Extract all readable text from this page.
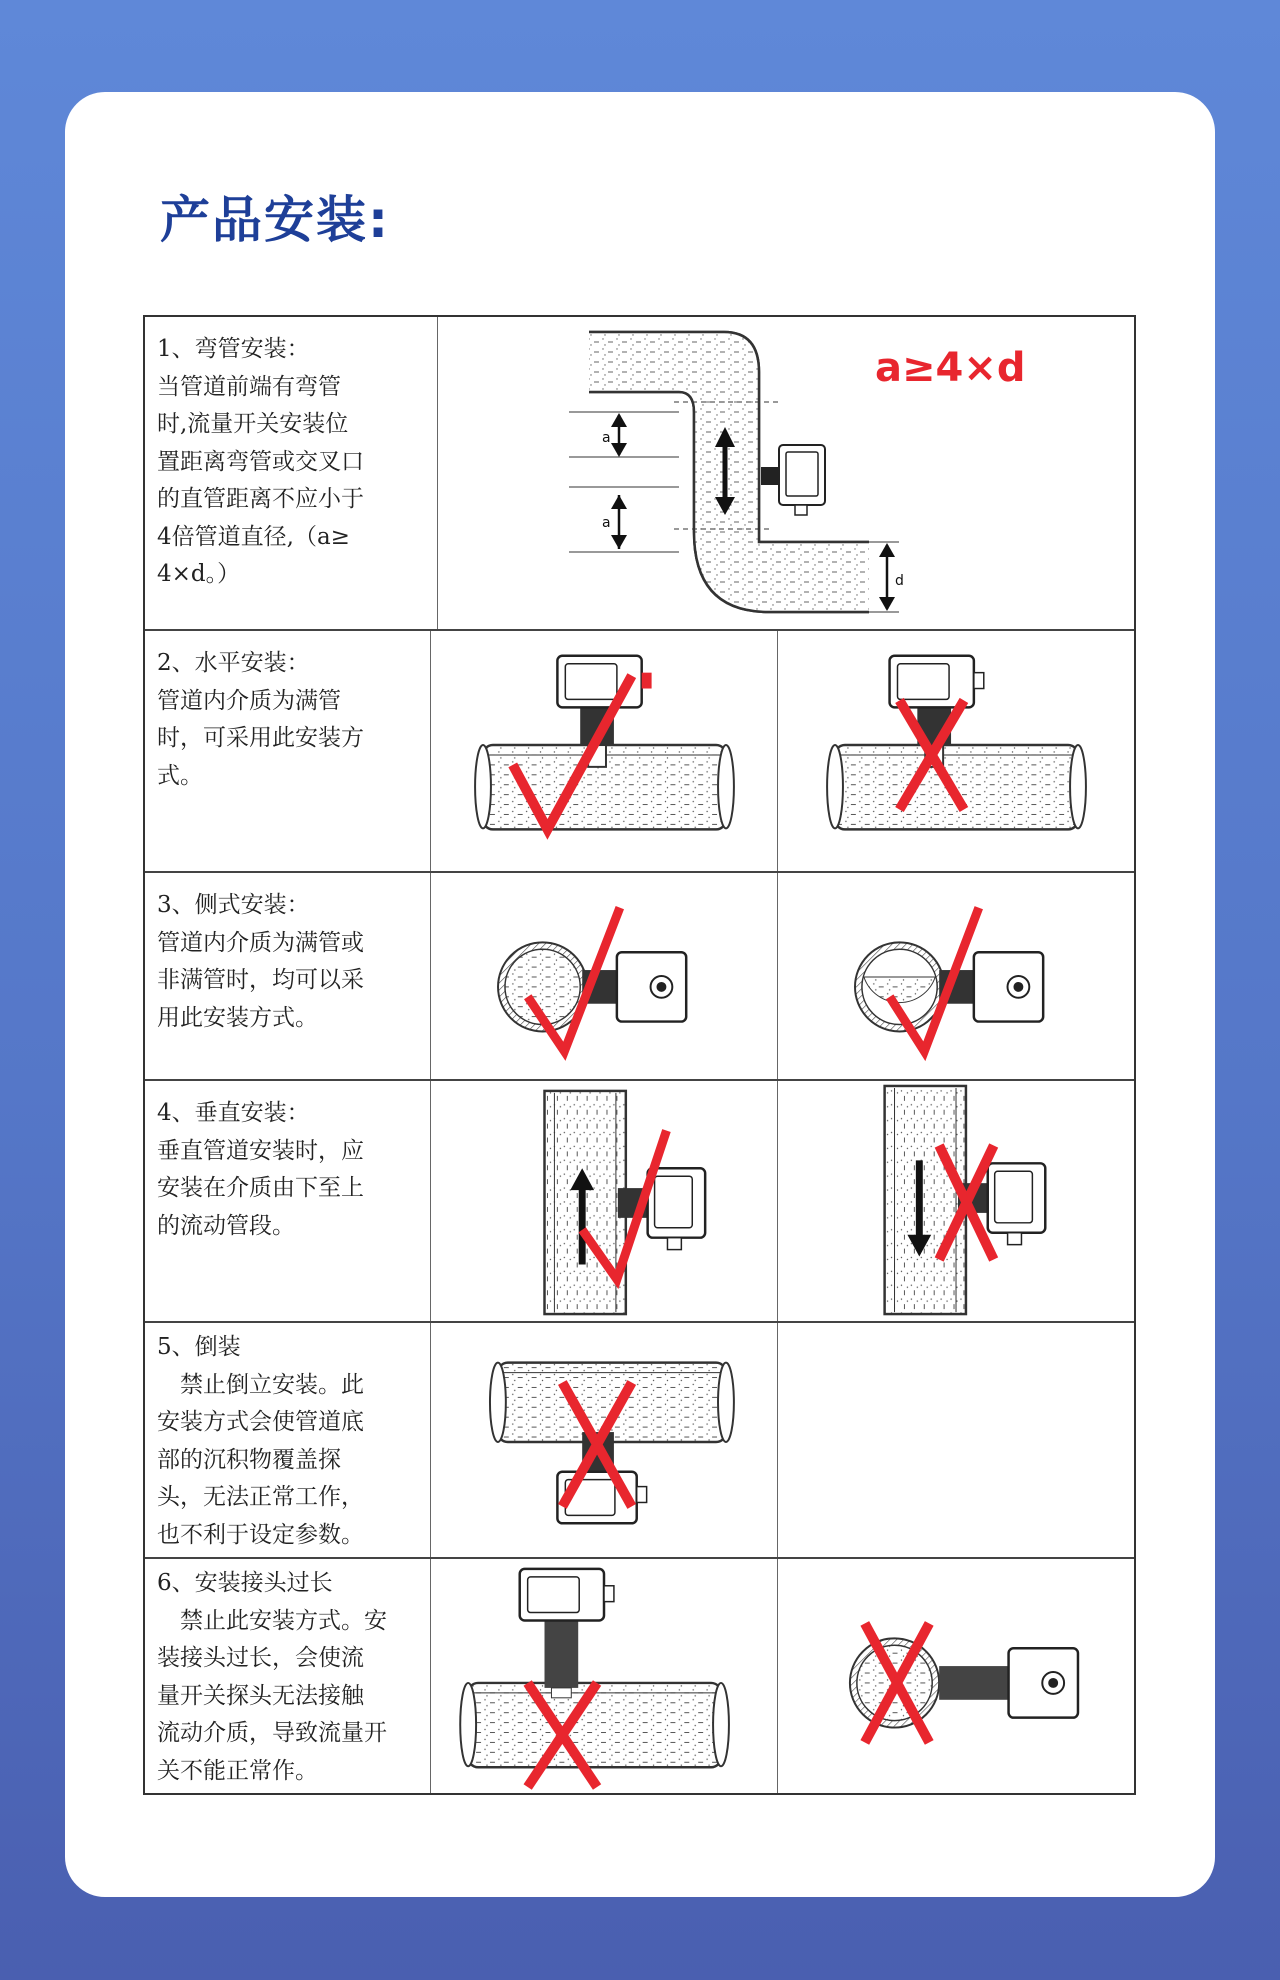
产品安装:
1、弯管安装：
当管道前端有弯管
时,流量开关安装位
置距离弯管或交叉口
的直管距离不应小于
4倍管道直径,（a≥
4×d。）
a
a
d
2、水平安装：
管道内介质为满管
时，可采用此安装方
式。
3、侧式安装：
管道内介质为满管或
非满管时，均可以采
用此安装方式。
4、垂直安装：
垂直管道安装时，应
安装在介质由下至上
的流动管段。
5、倒装
　禁止倒立安装。此
安装方式会使管道底
部的沉积物覆盖探
头，无法正常工作，
也不利于设定参数。
6、安装接头过长
　禁止此安装方式。安
装接头过长，会使流
量开关探头无法接触
流动介质，导致流量开
关不能正常作。
a≥4×d
